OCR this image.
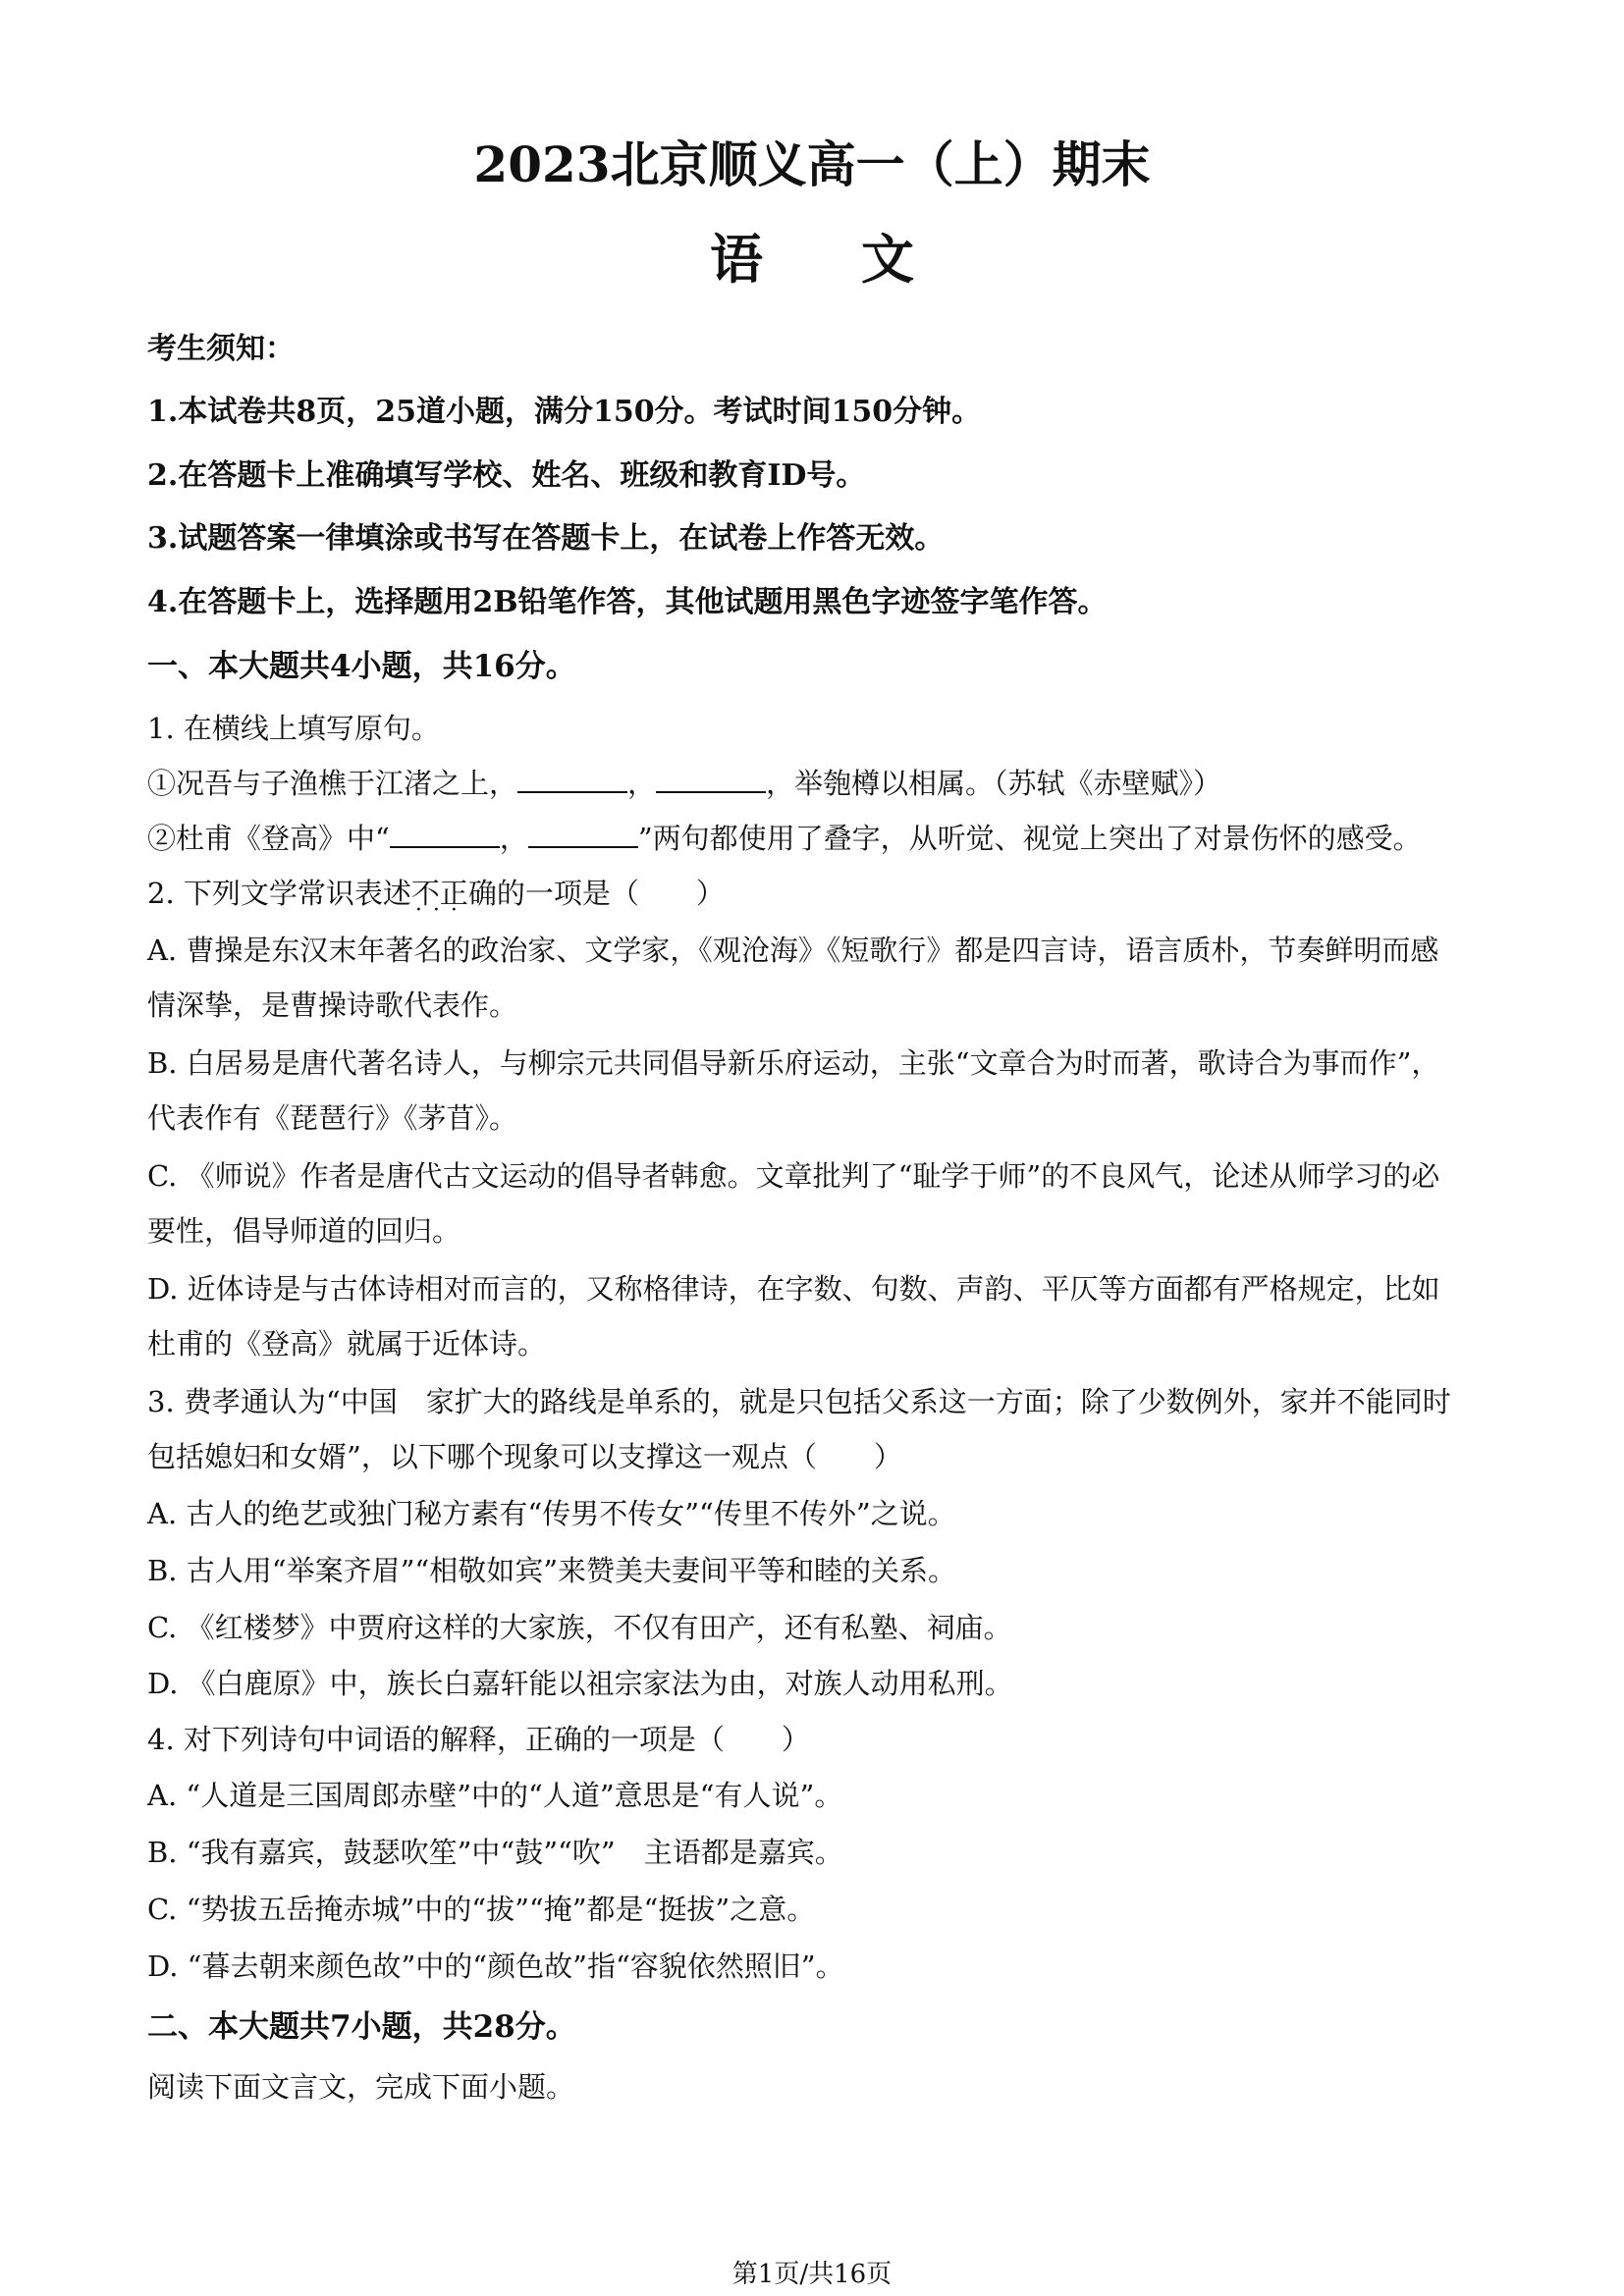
2023北京顺义高一（上）期末
语文
考生须知：
1.本试卷共8页，25道小题，满分150分。考试时间150分钟。
2.在答题卡上准确填写学校、姓名、班级和教育ID号。
3.试题答案一律填涂或书写在答题卡上，在试卷上作答无效。
4.在答题卡上，选择题用2B铅笔作答，其他试题用黑色字迹签字笔作答。
一、本大题共4小题，共16分。
1. 在横线上填写原句。
①况吾与子渔樵于江渚之上，	，	，举匏樽以相属。（苏轼《赤壁赋》）
②杜甫《登高》中“	，	”两句都使用了叠字，从听觉、视觉上突出了对景伤怀的感受。
2. 下列文学常识表述不正确 · · ·的一项是（　　）
A. 曹操是东汉末年著名的政治家、文学家，《观沧海》《短歌行》都是四言诗，语言质朴，节奏鲜明而感
情深挚，是曹操诗歌代表作。
B. 白居易是唐代著名诗人，与柳宗元共同倡导新乐府运动，主张“文章合为时而著，歌诗合为事而作”，
代表作有《琵琶行》《茅苜》。
C. 《师说》作者是唐代古文运动的倡导者韩愈。文章批判了“耻学于师”的不良风气，论述从师学习的必
要性，倡导师道的回归。
D. 近体诗是与古体诗相对而言的，又称格律诗，在字数、句数、声韵、平仄等方面都有严格规定，比如
杜甫的《登高》就属于近体诗。
3. 费孝通认为“中国　家扩大的路线是单系的，就是只包括父系这一方面；除了少数例外，家并不能同时
包括媳妇和女婿”，以下哪个现象可以支撑这一观点（　　）
A. 古人的绝艺或独门秘方素有“传男不传女”“传里不传外”之说。
B. 古人用“举案齐眉”“相敬如宾”来赞美夫妻间平等和睦的关系。
C. 《红楼梦》中贾府这样的大家族，不仅有田产，还有私塾、祠庙。
D. 《白鹿原》中，族长白嘉轩能以祖宗家法为由，对族人动用私刑。
4. 对下列诗句中词语的解释，正确的一项是（　　）
A. “人道是三国周郎赤壁”中的“人道”意思是“有人说”。
B. “我有嘉宾，鼓瑟吹笙”中“鼓”“吹”　主语都是嘉宾。
C. “势拔五岳掩赤城”中的“拔”“掩”都是“挺拔”之意。
D. “暮去朝来颜色故”中的“颜色故”指“容貌依然照旧”。
二、本大题共7小题，共28分。
阅读下面文言文，完成下面小题。
第1页/共16页
